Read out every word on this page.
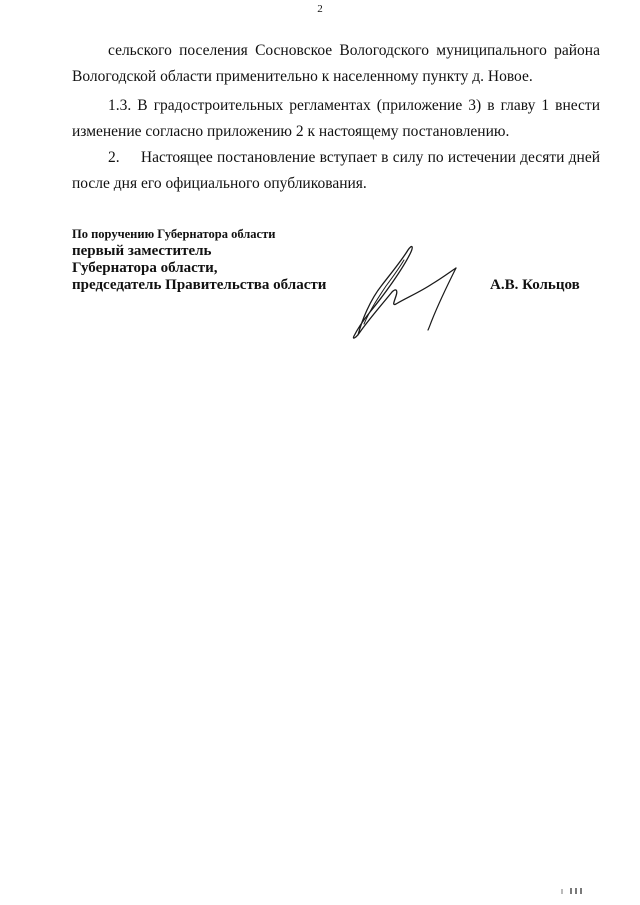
2
сельского поселения Сосновское Вологодского муниципального района
Вологодской области применительно к населенному пункту д. Новое.
1.3. В градостроительных регламентах (приложение 3) в главу 1 внести
изменение согласно приложению 2 к настоящему постановлению.
2.     Настоящее постановление вступает в силу по истечении десяти дней
после дня его официального опубликования.
По поручению Губернатора области
первый заместитель
Губернатора области,
председатель Правительства области	А.В. Кольцов
